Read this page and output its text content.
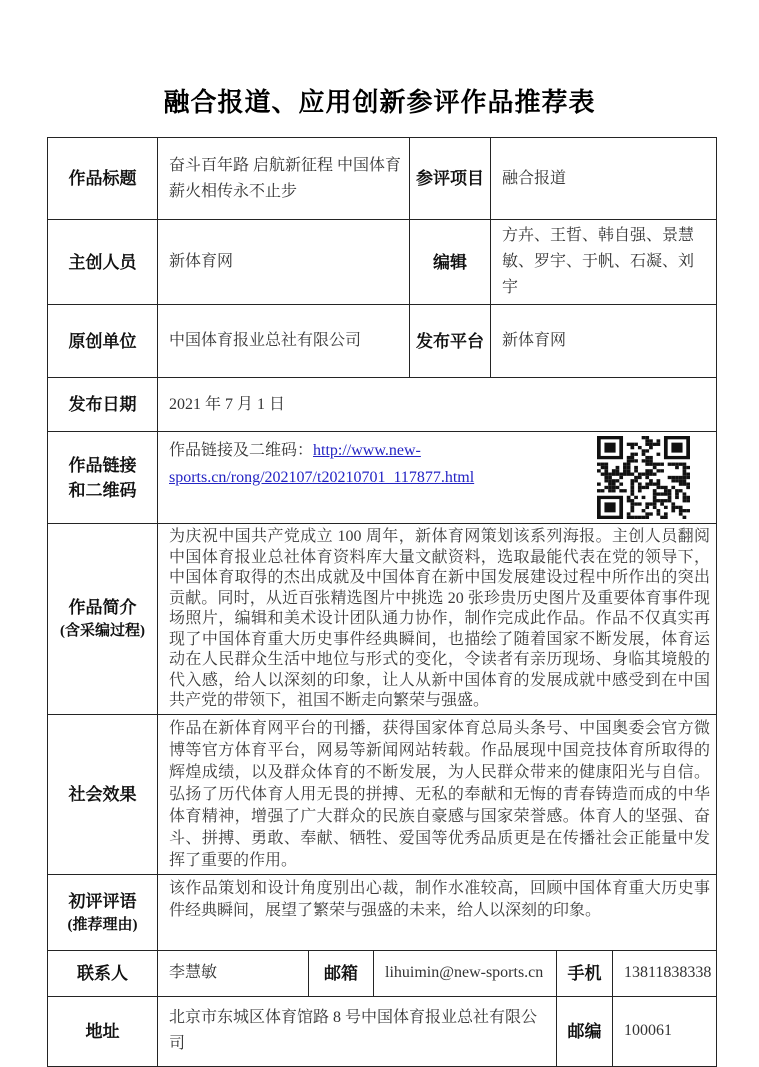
融合报道、应用创新参评作品推荐表
作品标题	奋斗百年路 启航新征程 中国体育薪火相传永不止步			参评项目	融合报道		
主创人员	新体育网			编辑	方卉、王晢、韩自强、景慧敏、罗宇、于帆、石凝、刘宇		
原创单位	中国体育报业总社有限公司			发布平台	新体育网		
发布日期	2021 年 7 月 1 日						

作品链接
和二维码	作品链接及二维码：http://www.new-sports.cn/rong/202107/t20210701_117877.html						

作品简介
(含采编过程)	为庆祝中国共产党成立 100 周年，新体育网策划该系列海报。主创人员翻阅中国体育报业总社体育资料库大量文献资料，选取最能代表在党的领导下，中国体育取得的杰出成就及中国体育在新中国发展建设过程中所作出的突出贡献。同时，从近百张精选图片中挑选 20 张珍贵历史图片及重要体育事件现场照片，编辑和美术设计团队通力协作，制作完成此作品。作品不仅真实再现了中国体育重大历史事件经典瞬间，也描绘了随着国家不断发展，体育运动在人民群众生活中地位与形式的变化，令读者有亲历现场、身临其境般的代入感，给人以深刻的印象，让人从新中国体育的发展成就中感受到在中国共产党的带领下，祖国不断走向繁荣与强盛。						
社会效果	作品在新体育网平台的刊播，获得国家体育总局头条号、中国奥委会官方微博等官方体育平台，网易等新闻网站转载。作品展现中国竞技体育所取得的辉煌成绩，以及群众体育的不断发展，为人民群众带来的健康阳光与自信。弘扬了历代体育人用无畏的拼搏、无私的奉献和无悔的青春铸造而成的中华体育精神，增强了广大群众的民族自豪感与国家荣誉感。体育人的坚强、奋斗、拼搏、勇敢、奉献、牺牲、爱国等优秀品质更是在传播社会正能量中发挥了重要的作用。						

初评评语
(推荐理由)	该作品策划和设计角度别出心裁，制作水准较高，回顾中国体育重大历史事件经典瞬间，展望了繁荣与强盛的未来，给人以深刻的印象。						
联系人	李慧敏	邮箱	lihuimin@new-sports.cn			手机	13811838338
地址	北京市东城区体育馆路 8 号中国体育报业总社有限公司					邮编	100061
